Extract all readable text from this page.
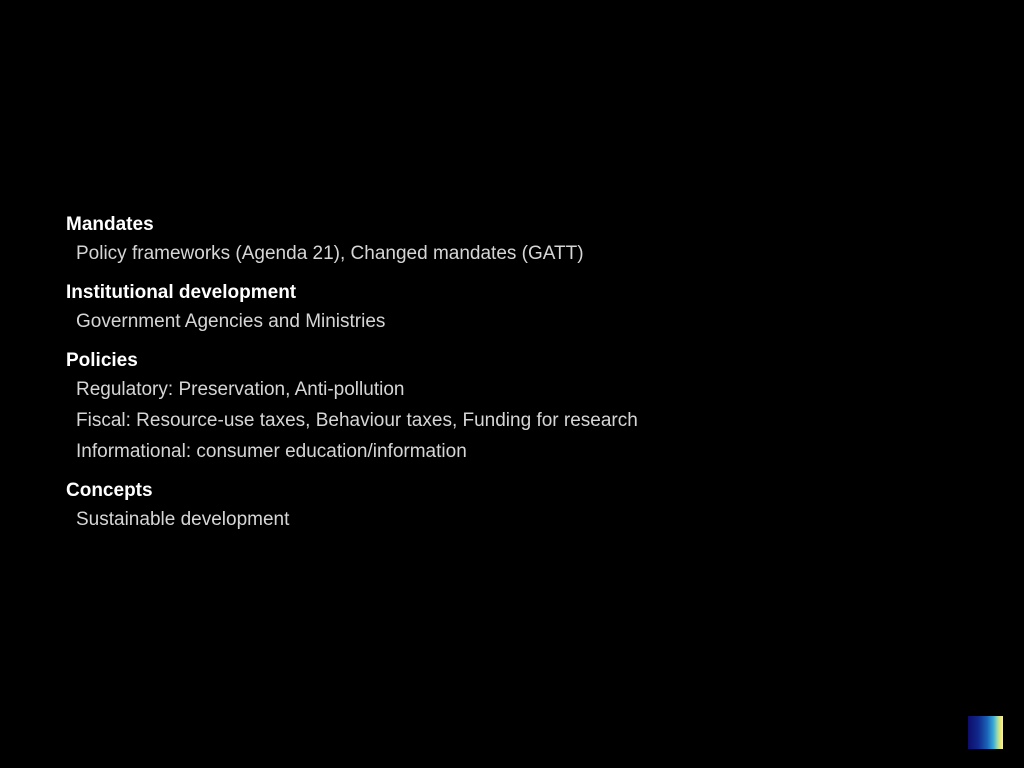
Mandates
Policy frameworks (Agenda 21), Changed mandates (GATT)
Institutional development
Government Agencies and Ministries
Policies
Regulatory: Preservation, Anti-pollution
Fiscal: Resource-use taxes, Behaviour taxes, Funding for research
Informational: consumer education/information
Concepts
Sustainable development
